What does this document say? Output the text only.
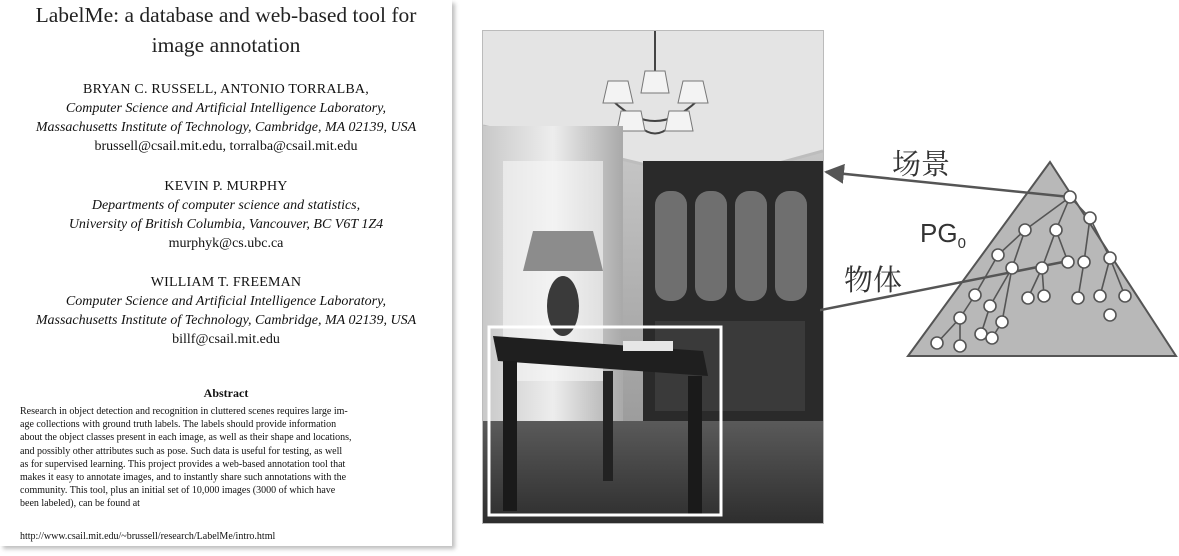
LabelMe: a database and web-based tool for
image annotation
BRYAN C. RUSSELL, ANTONIO TORRALBA,
Computer Science and Artificial Intelligence Laboratory,
Massachusetts Institute of Technology, Cambridge, MA 02139, USA
brussell@csail.mit.edu, torralba@csail.mit.edu
KEVIN P. MURPHY
Departments of computer science and statistics,
University of British Columbia, Vancouver, BC V6T 1Z4
murphyk@cs.ubc.ca
WILLIAM T. FREEMAN
Computer Science and Artificial Intelligence Laboratory,
Massachusetts Institute of Technology, Cambridge, MA 02139, USA
billf@csail.mit.edu
Abstract
Research in object detection and recognition in cluttered scenes requires large im-
age collections with ground truth labels. The labels should provide information
about the object classes present in each image, as well as their shape and locations,
and possibly other attributes such as pose. Such data is useful for testing, as well
as for supervised learning. This project provides a web-based annotation tool that
makes it easy to annotate images, and to instantly share such annotations with the
community. This tool, plus an initial set of 10,000 images (3000 of which have
been labeled), can be found at
http://www.csail.mit.edu/~brussell/research/LabelMe/intro.html
场景
$PG_0$
物体
